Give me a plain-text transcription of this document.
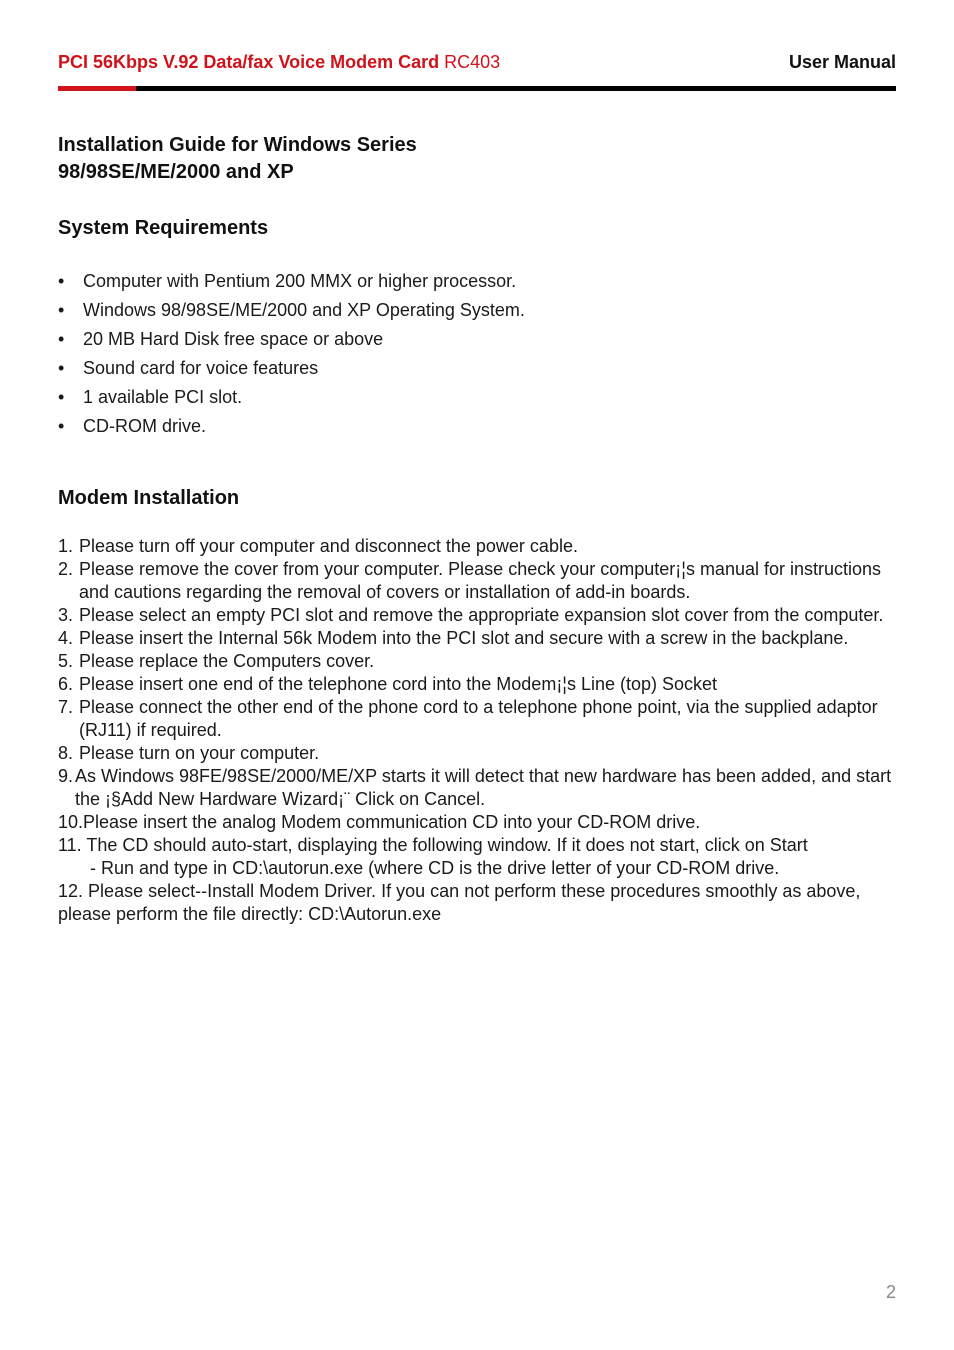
PCI 56Kbps V.92 Data/fax Voice Modem Card RC403	User Manual
Installation Guide for Windows Series 98/98SE/ME/2000 and XP
System Requirements
• Computer with Pentium 200 MMX or higher processor.
• Windows 98/98SE/ME/2000 and XP Operating System.
• 20 MB Hard Disk free space or above
• Sound card for voice features
• 1 available PCI slot.
• CD-ROM drive.
Modem Installation
1. Please turn off your computer and disconnect the power cable.
2. Please remove the cover from your computer. Please check your computer¡¦s manual for instructions and cautions regarding the removal of covers or installation of add-in boards.
3. Please select an empty PCI slot and remove the appropriate expansion slot cover from the computer.
4. Please insert the Internal 56k Modem into the PCI slot and secure with a screw in the backplane.
5. Please replace the Computers cover.
6. Please insert one end of the telephone cord into the Modem¡¦s Line (top) Socket
7. Please connect the other end of the phone cord to a telephone phone point, via the supplied adaptor (RJ11) if required.
8. Please turn on your computer.
9. As Windows 98FE/98SE/2000/ME/XP starts it will detect that new hardware has been added, and start the ¡§Add New Hardware Wizard¡¨ Click on Cancel.
10.Please insert the analog Modem communication CD into your CD-ROM drive.
11. The CD should auto-start, displaying the following window. If it does not start, click on Start
- Run and type in CD:\autorun.exe (where CD is the drive letter of your CD-ROM drive.
12. Please select--Install Modem Driver. If you can not perform these procedures smoothly as above, please perform the file directly: CD:\Autorun.exe
2
